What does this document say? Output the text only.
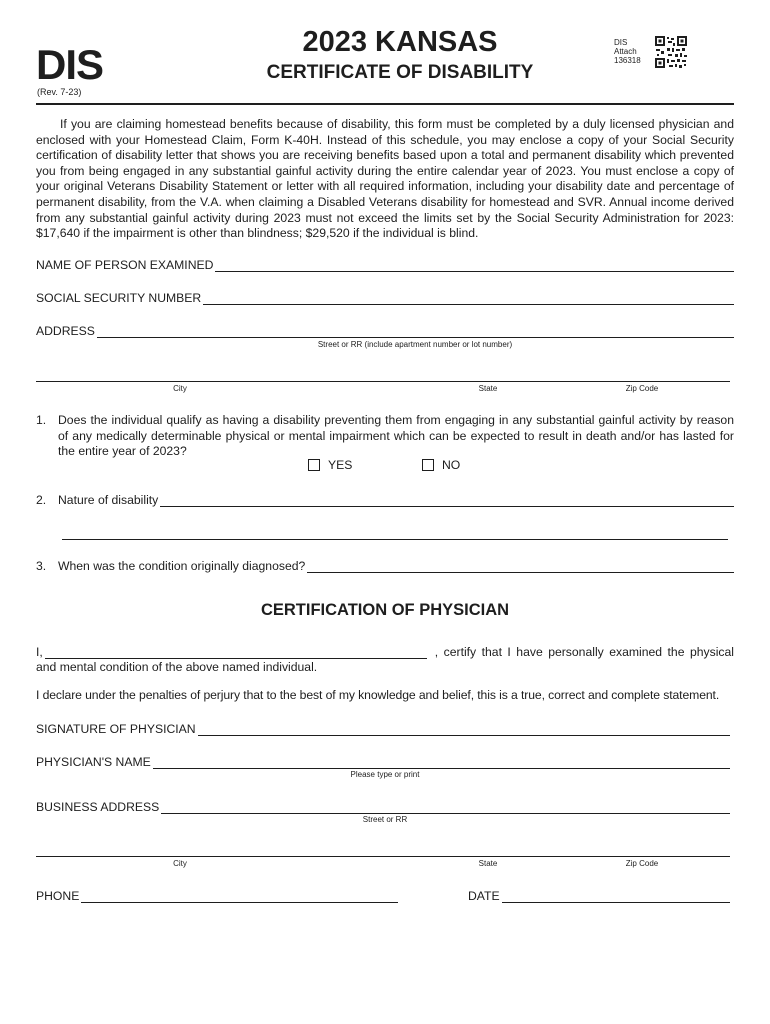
DIS
(Rev. 7-23)
2023 KANSAS
CERTIFICATE OF DISABILITY
DIS
Attach
136318

If you are claiming homestead benefits because of disability, this form must be completed by a duly licensed physician and enclosed with your Homestead Claim, Form K-40H. Instead of this schedule, you may enclose a copy of your Social Security certification of disability letter that shows you are receiving benefits based upon a total and permanent disability which prevented you from being engaged in any substantial gainful activity during the entire calendar year of 2023. You must enclose a copy of your original Veterans Disability Statement or letter with all required information, including your disability date and percentage of permanent disability, from the V.A. when claiming a Disabled Veterans disability for homestead and SVR. Annual income derived from any substantial gainful activity during 2023 must not exceed the limits set by the Social Security Administration for 2023: $17,640 if the impairment is other than blindness; $29,520 if the individual is blind.

NAME OF PERSON EXAMINED
SOCIAL SECURITY NUMBER
ADDRESS
Street or RR (include apartment number or lot number)
City	State	Zip Code
1. Does the individual qualify as having a disability preventing them from engaging in any substantial gainful activity by reason of any medically determinable physical or mental impairment which can be expected to result in death and/or has lasted for the entire year of 2023?
YES	NO
2. Nature of disability
3. When was the condition originally diagnosed?
CERTIFICATION OF PHYSICIAN
I,	, certify that I have personally examined the physical
and mental condition of the above named individual.
I declare under the penalties of perjury that to the best of my knowledge and belief, this is a true, correct and complete statement.
SIGNATURE OF PHYSICIAN
PHYSICIAN'S NAME
Please type or print
BUSINESS ADDRESS
Street or RR
City	State	Zip Code
PHONE	DATE
